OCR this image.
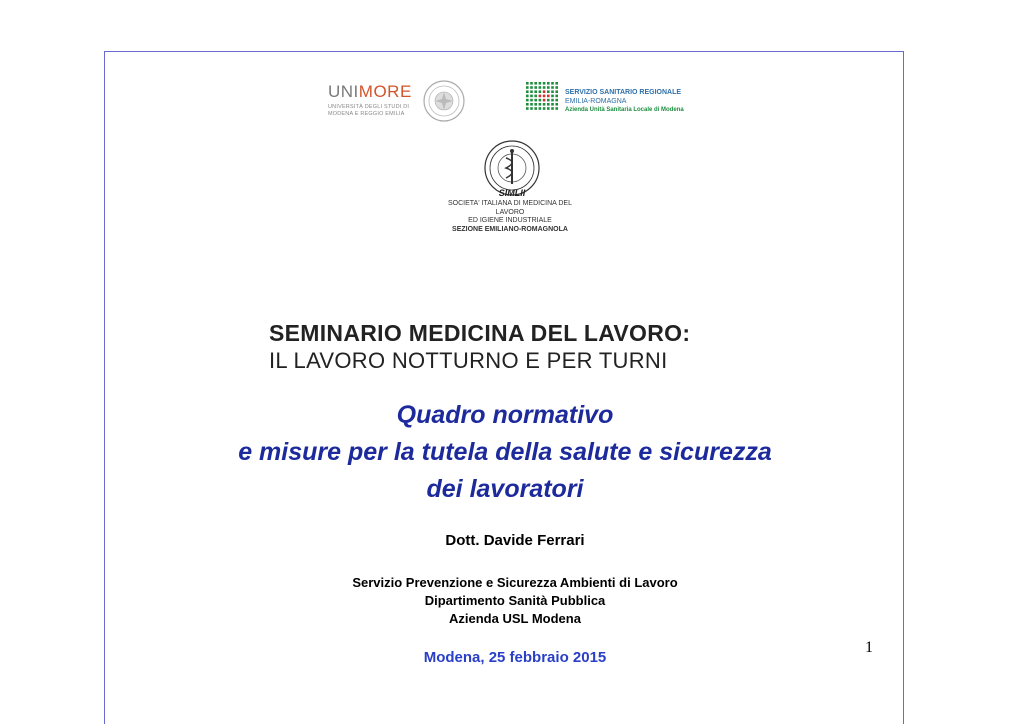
UNIMORE
UNIVERSITÀ DEGLI STUDI DI
MODENA E REGGIO EMILIA
SERVIZIO SANITARIO REGIONALE
EMILIA-ROMAGNA
Azienda Unità Sanitaria Locale di Modena
SIMLII
SOCIETA' ITALIANA DI MEDICINA DEL LAVORO
ED IGIENE INDUSTRIALE
SEZIONE EMILIANO-ROMAGNOLA
SEMINARIO MEDICINA DEL LAVORO:
IL LAVORO NOTTURNO E PER TURNI
Quadro normativo
e misure per la tutela della salute e sicurezza
dei lavoratori
Dott. Davide Ferrari
Servizio Prevenzione e Sicurezza Ambienti di Lavoro
Dipartimento Sanità Pubblica
Azienda USL Modena
1
Modena, 25 febbraio 2015
